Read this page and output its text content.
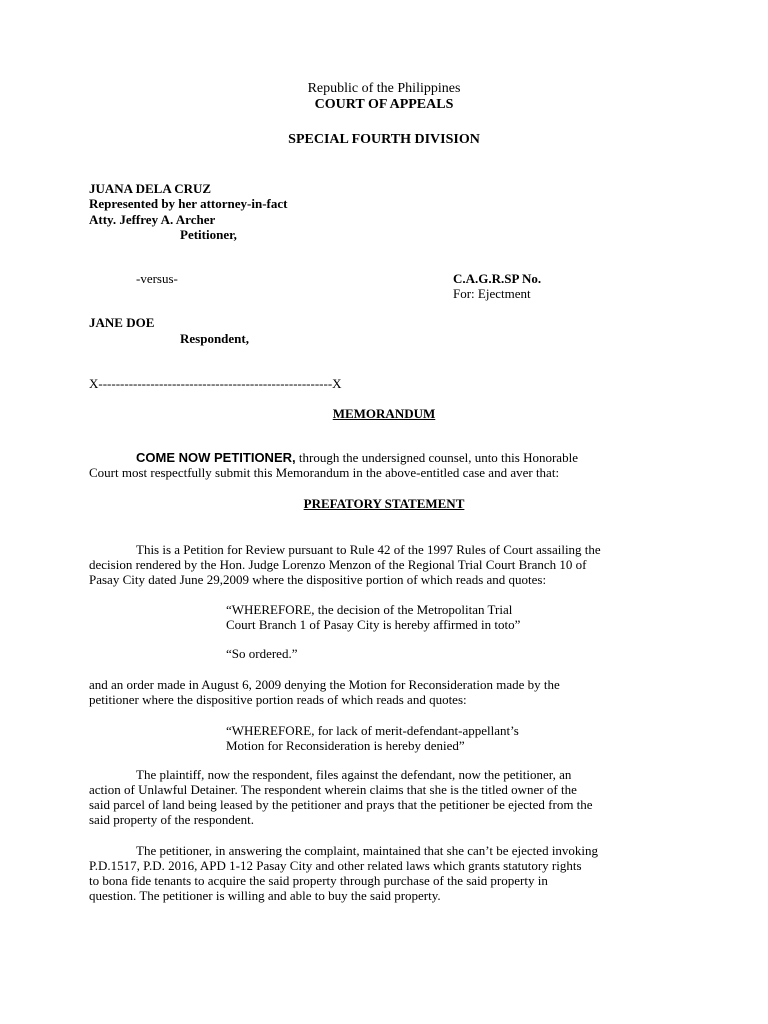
Republic of the Philippines
COURT OF APPEALS
SPECIAL FOURTH DIVISION
JUANA DELA CRUZ
Represented by her attorney-in-fact
Atty. Jeffrey A. Archer
Petitioner,
-versus-	C.A.G.R.SP No.
For: Ejectment
JANE DOE
Respondent,
X------------------------------------------------------X
MEMORANDUM
COME NOW PETITIONER, through the undersigned counsel, unto this Honorable
Court most respectfully submit this Memorandum in the above-entitled case and aver that:
PREFATORY STATEMENT
This is a Petition for Review pursuant to Rule 42 of the 1997 Rules of Court assailing the
decision rendered by the Hon. Judge Lorenzo Menzon of the Regional Trial Court Branch 10 of
Pasay City dated June 29,2009 where the dispositive portion of which reads and quotes:
“WHEREFORE, the decision of the Metropolitan Trial
Court Branch 1 of Pasay City is hereby affirmed in toto”
“So ordered.”
and an order made in August 6, 2009 denying the Motion for Reconsideration made by the
petitioner where the dispositive portion reads of which reads and quotes:
“WHEREFORE, for lack of merit-defendant-appellant’s
Motion for Reconsideration is hereby denied”
The plaintiff, now the respondent, files against the defendant, now the petitioner, an
action of Unlawful Detainer. The respondent wherein claims that she is the titled owner of the
said parcel of land being leased by the petitioner and prays that the petitioner be ejected from the
said property of the respondent.
The petitioner, in answering the complaint, maintained that she can’t be ejected invoking
P.D.1517, P.D. 2016, APD 1-12 Pasay City and other related laws which grants statutory rights
to bona fide tenants to acquire the said property through purchase of the said property in
question. The petitioner is willing and able to buy the said property.
